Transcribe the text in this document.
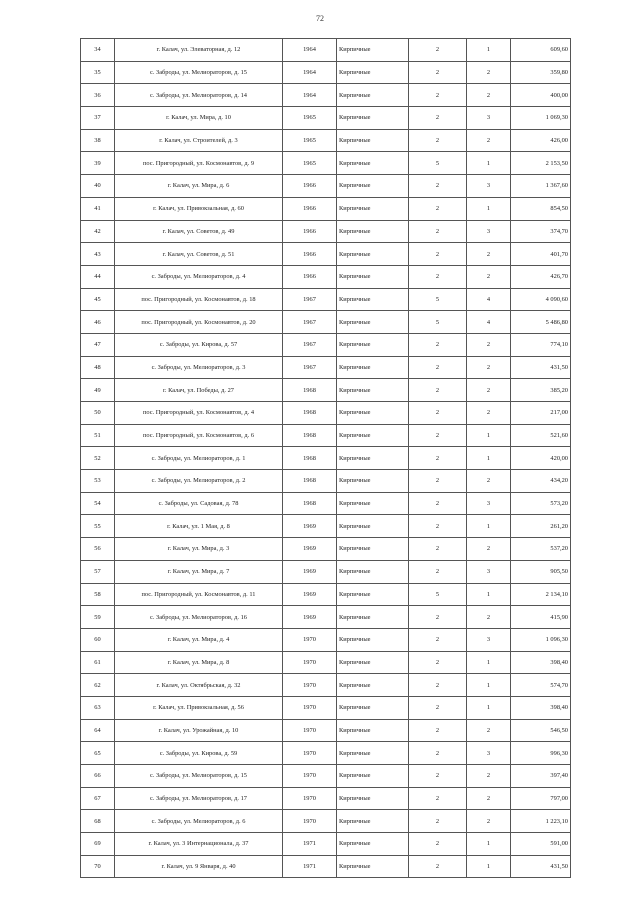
72
34	г. Калач, ул. Элеваторная, д. 12	1964	Кирпичные	2	1	609,60
35	с. Заброды, ул. Мелиораторов, д. 15	1964	Кирпичные	2	2	359,80
36	с. Заброды, ул. Мелиораторов, д. 14	1964	Кирпичные	2	2	400,00
37	г. Калач, ул. Мира, д. 10	1965	Кирпичные	2	3	1 069,30
38	г. Калач, ул. Строителей, д. 3	1965	Кирпичные	2	2	426,00
39	пос. Пригородный, ул. Космонавтов, д. 9	1965	Кирпичные	5	1	2 153,50
40	г. Калач, ул. Мира, д. 6	1966	Кирпичные	2	3	1 367,60
41	г. Калач, ул. Привокзальная, д. 60	1966	Кирпичные	2	1	854,50
42	г. Калач, ул. Советов, д. 49	1966	Кирпичные	2	3	374,70
43	г. Калач, ул. Советов, д. 51	1966	Кирпичные	2	2	401,70
44	с. Заброды, ул. Мелиораторов, д. 4	1966	Кирпичные	2	2	426,70
45	пос. Пригородный, ул. Космонавтов, д. 18	1967	Кирпичные	5	4	4 090,60
46	пос. Пригородный, ул. Космонавтов, д. 20	1967	Кирпичные	5	4	5 486,80
47	с. Заброды, ул. Кирова, д. 57	1967	Кирпичные	2	2	774,10
48	с. Заброды, ул. Мелиораторов, д. 3	1967	Кирпичные	2	2	431,50
49	г. Калач, ул. Победы, д. 27	1968	Кирпичные	2	2	385,20
50	пос. Пригородный, ул. Космонавтов, д. 4	1968	Кирпичные	2	2	217,00
51	пос. Пригородный, ул. Космонавтов, д. 6	1968	Кирпичные	2	1	521,60
52	с. Заброды, ул. Мелиораторов, д. 1	1968	Кирпичные	2	1	420,00
53	с. Заброды, ул. Мелиораторов, д. 2	1968	Кирпичные	2	2	434,20
54	с. Заброды, ул. Садовая, д. 78	1968	Кирпичные	2	3	573,20
55	г. Калач, ул. 1 Мая, д. 8	1969	Кирпичные	2	1	261,20
56	г. Калач, ул. Мира, д. 3	1969	Кирпичные	2	2	537,20
57	г. Калач, ул. Мира, д. 7	1969	Кирпичные	2	3	905,50
58	пос. Пригородный, ул. Космонавтов, д. 11	1969	Кирпичные	5	1	2 134,10
59	с. Заброды, ул. Мелиораторов, д. 16	1969	Кирпичные	2	2	415,90
60	г. Калач, ул. Мира, д. 4	1970	Кирпичные	2	3	1 096,30
61	г. Калач, ул. Мира, д. 8	1970	Кирпичные	2	1	398,40
62	г. Калач, ул. Октябрьская, д. 32	1970	Кирпичные	2	1	574,70
63	г. Калач, ул. Привокзальная, д. 56	1970	Кирпичные	2	1	398,40
64	г. Калач, ул. Урожайная, д. 10	1970	Кирпичные	2	2	546,50
65	с. Заброды, ул. Кирова, д. 59	1970	Кирпичные	2	3	996,30
66	с. Заброды, ул. Мелиораторов, д. 15	1970	Кирпичные	2	2	397,40
67	с. Заброды, ул. Мелиораторов, д. 17	1970	Кирпичные	2	2	797,00
68	с. Заброды, ул. Мелиораторов, д. 6	1970	Кирпичные	2	2	1 223,10
69	г. Калач, ул. 3 Интернационала, д. 37	1971	Кирпичные	2	1	591,00
70	г. Калач, ул. 9 Января, д. 40	1971	Кирпичные	2	1	431,50
